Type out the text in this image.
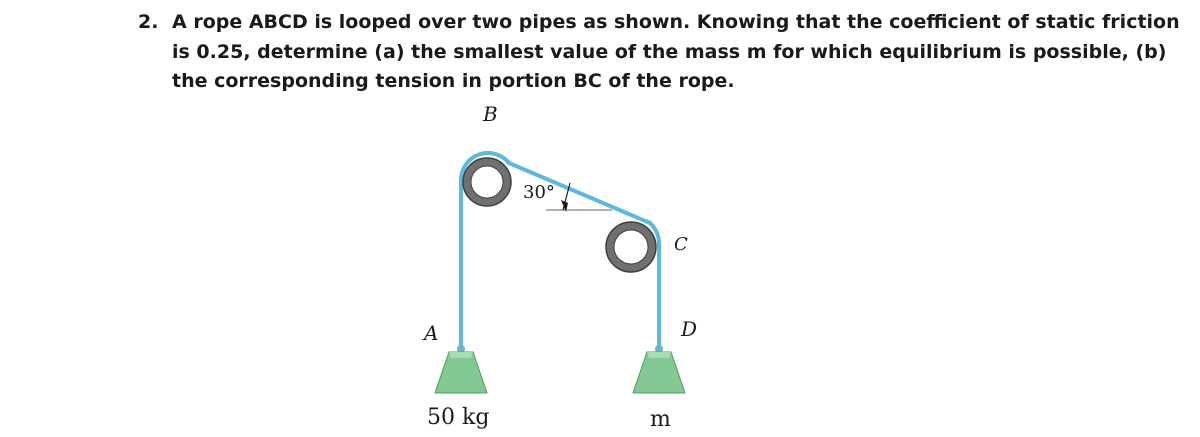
2. A rope ABCD is looped over two pipes as shown. Knowing that the coefficient of static friction
is 0.25, determine (a) the smallest value of the mass m for which equilibrium is possible, (b)
the corresponding tension in portion BC of the rope.
30°
B
C
A	D
50 kg	m
